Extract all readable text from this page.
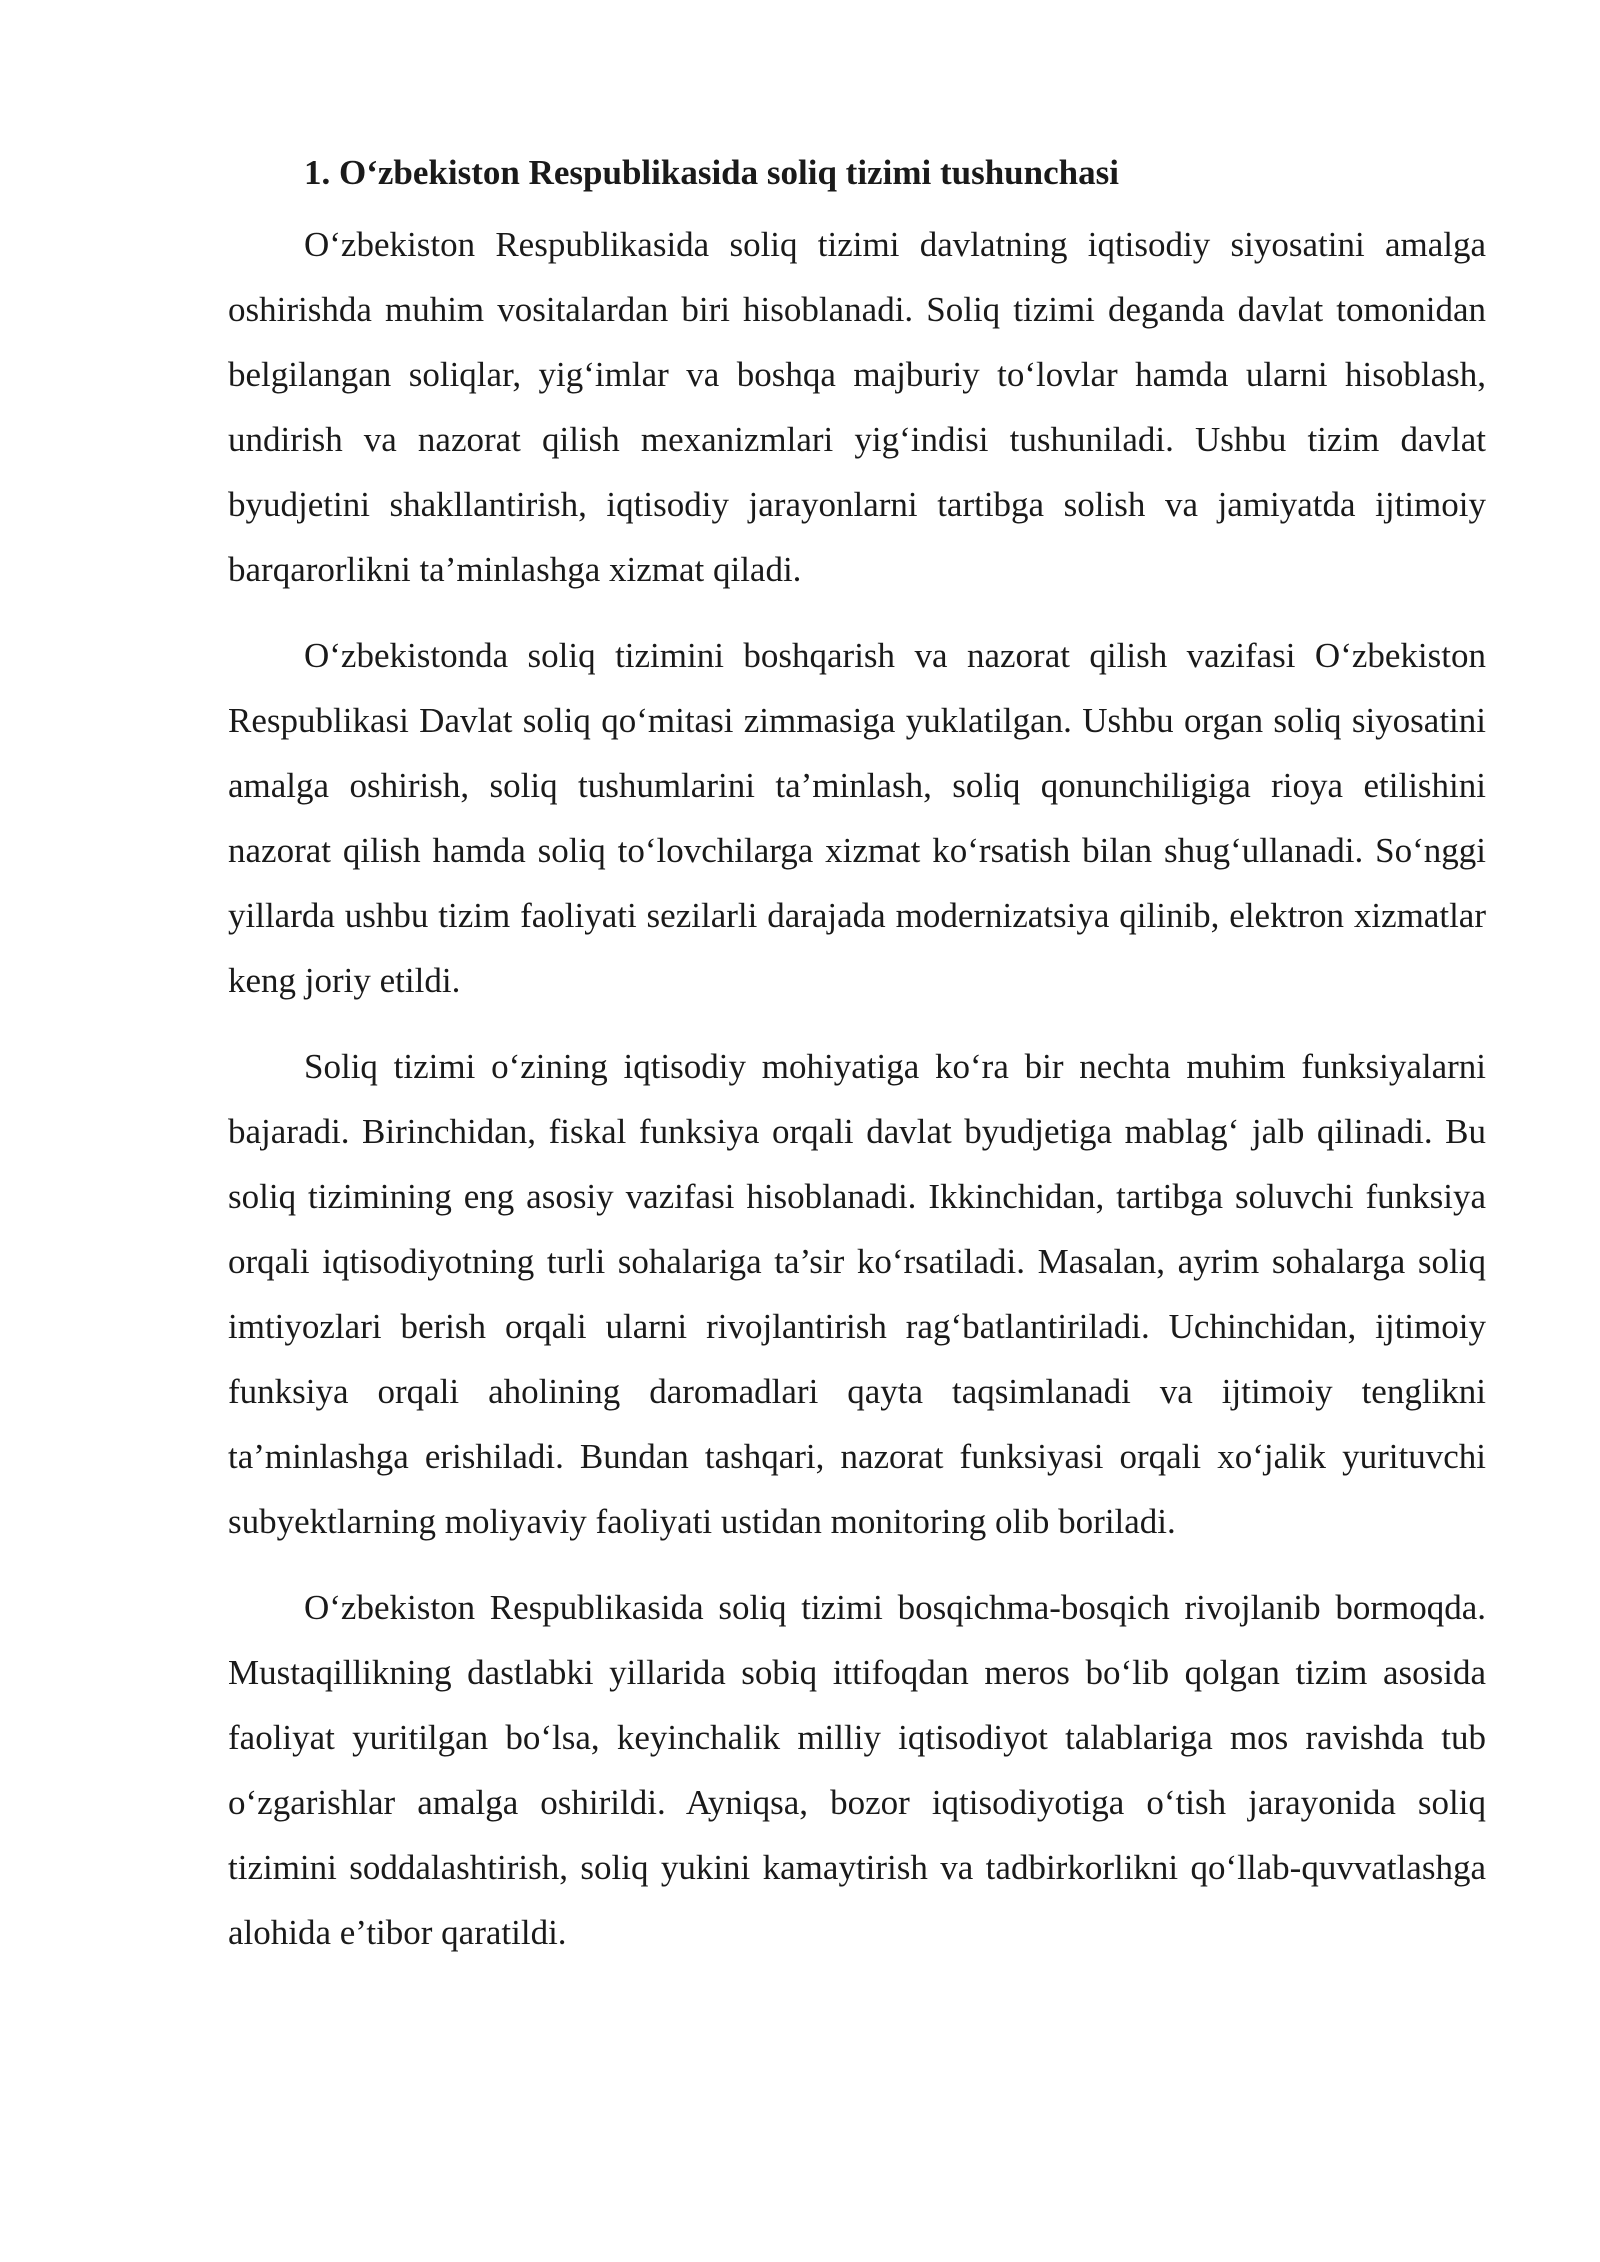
1. O‘zbekiston Respublikasida soliq tizimi tushunchasi

O‘zbekiston Respublikasida soliq tizimi davlatning iqtisodiy siyosatini amalga oshirishda muhim vositalardan biri hisoblanadi. Soliq tizimi deganda davlat tomonidan belgilangan soliqlar, yig‘imlar va boshqa majburiy to‘lovlar hamda ularni hisoblash, undirish va nazorat qilish mexanizmlari yig‘indisi tushuniladi. Ushbu tizim davlat byudjetini shakllantirish, iqtisodiy jarayonlarni tartibga solish va jamiyatda ijtimoiy barqarorlikni ta’minlashga xizmat qiladi.

O‘zbekistonda soliq tizimini boshqarish va nazorat qilish vazifasi O‘zbekiston Respublikasi Davlat soliq qo‘mitasi zimmasiga yuklatilgan. Ushbu organ soliq siyosatini amalga oshirish, soliq tushumlarini ta’minlash, soliq qonunchiligiga rioya etilishini nazorat qilish hamda soliq to‘lovchilarga xizmat ko‘rsatish bilan shug‘ullanadi. So‘nggi yillarda ushbu tizim faoliyati sezilarli darajada modernizatsiya qilinib, elektron xizmatlar keng joriy etildi.

Soliq tizimi o‘zining iqtisodiy mohiyatiga ko‘ra bir nechta muhim funksiyalarni bajaradi. Birinchidan, fiskal funksiya orqali davlat byudjetiga mablag‘ jalb qilinadi. Bu soliq tizimining eng asosiy vazifasi hisoblanadi. Ikkinchidan, tartibga soluvchi funksiya orqali iqtisodiyotning turli sohalariga ta’sir ko‘rsatiladi. Masalan, ayrim sohalarga soliq imtiyozlari berish orqali ularni rivojlantirish rag‘batlantiriladi. Uchinchidan, ijtimoiy funksiya orqali aholining daromadlari qayta taqsimlanadi va ijtimoiy tenglikni ta’minlashga erishiladi. Bundan tashqari, nazorat funksiyasi orqali xo‘jalik yurituvchi subyektlarning moliyaviy faoliyati ustidan monitoring olib boriladi.

O‘zbekiston Respublikasida soliq tizimi bosqichma-bosqich rivojlanib bormoqda. Mustaqillikning dastlabki yillarida sobiq ittifoqdan meros bo‘lib qolgan tizim asosida faoliyat yuritilgan bo‘lsa, keyinchalik milliy iqtisodiyot talablariga mos ravishda tub o‘zgarishlar amalga oshirildi. Ayniqsa, bozor iqtisodiyotiga o‘tish jarayonida soliq tizimini soddalashtirish, soliq yukini kamaytirish va tadbirkorlikni qo‘llab-quvvatlashga alohida e’tibor qaratildi.
